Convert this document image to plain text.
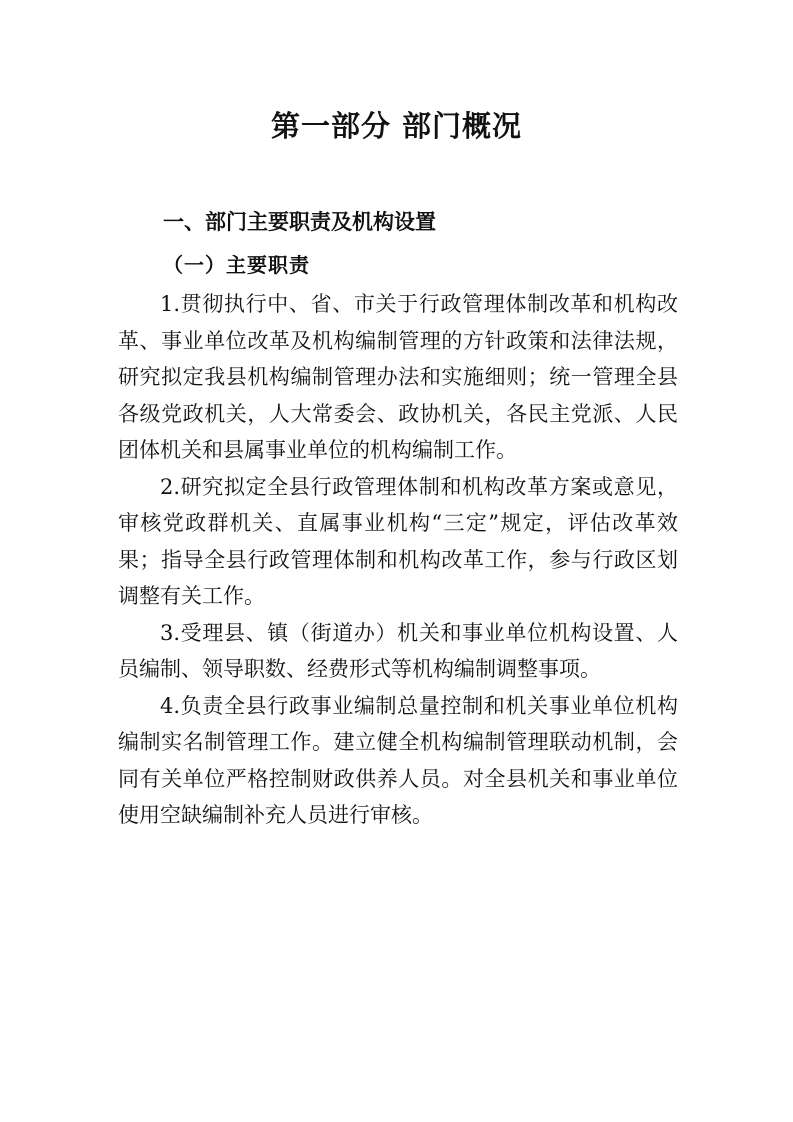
第一部分 部门概况
一、部门主要职责及机构设置
（一）主要职责

1.贯彻执行中、省、市关于行政管理体制改革和机构改革、事业单位改革及机构编制管理的方针政策和法律法规，研究拟定我县机构编制管理办法和实施细则；统一管理全县各级党政机关，人大常委会、政协机关，各民主党派、人民团体机关和县属事业单位的机构编制工作。

2.研究拟定全县行政管理体制和机构改革方案或意见，审核党政群机关、直属事业机构“三定”规定，评估改革效果；指导全县行政管理体制和机构改革工作，参与行政区划调整有关工作。

3.受理县、镇（街道办）机关和事业单位机构设置、人员编制、领导职数、经费形式等机构编制调整事项。

4.负责全县行政事业编制总量控制和机关事业单位机构编制实名制管理工作。建立健全机构编制管理联动机制，会同有关单位严格控制财政供养人员。对全县机关和事业单位使用空缺编制补充人员进行审核。
